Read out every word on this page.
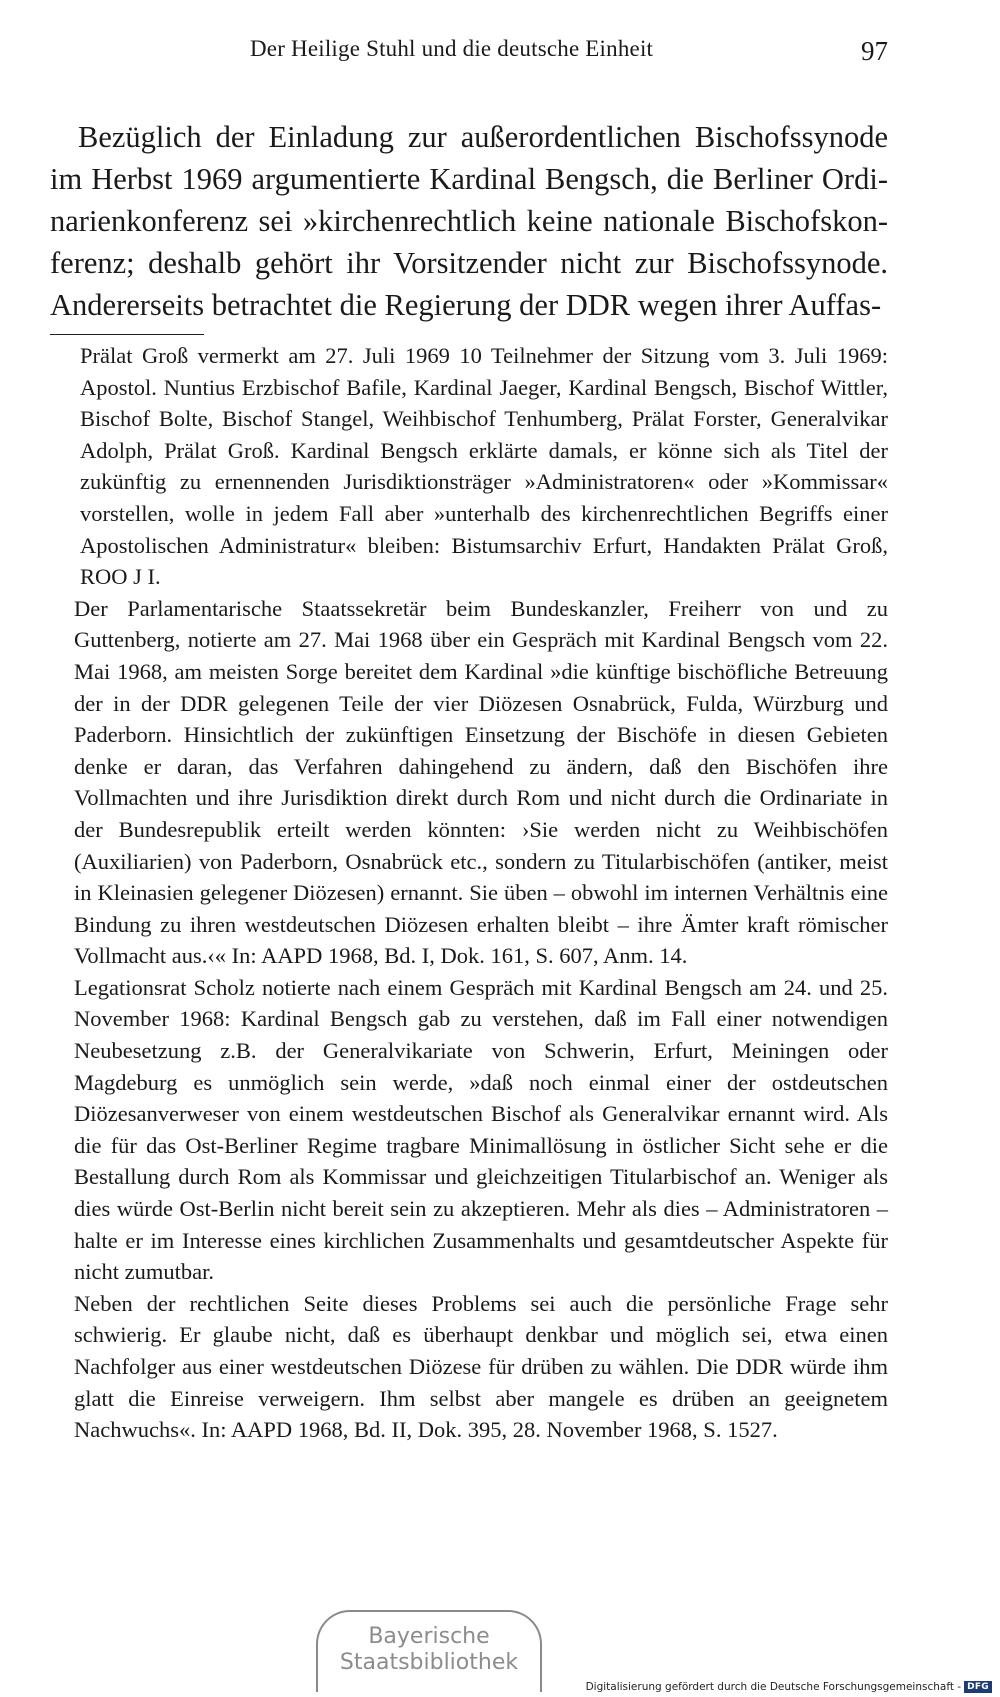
Der Heilige Stuhl und die deutsche Einheit	97

Bezüglich der Einladung zur außerordentlichen Bischofssynode im Herbst 1969 argumentierte Kardinal Bengsch, die Berliner Ordinarienkonferenz sei »kirchenrechtlich keine nationale Bischofskonferenz; deshalb gehört ihr Vorsitzender nicht zur Bischofssynode. Andererseits betrachtet die Regierung der DDR wegen ihrer Auffas-

Prälat Groß vermerkt am 27. Juli 1969 10 Teilnehmer der Sitzung vom 3. Juli 1969: Apostol. Nuntius Erzbischof Bafile, Kardinal Jaeger, Kardinal Bengsch, Bischof Wittler, Bischof Bolte, Bischof Stangel, Weihbischof Tenhumberg, Prälat Forster, Generalvikar Adolph, Prälat Groß. Kardinal Bengsch erklärte damals, er könne sich als Titel der zukünftig zu ernennenden Jurisdiktionsträger »Administratoren« oder »Kommissar« vorstellen, wolle in jedem Fall aber »unterhalb des kirchenrechtlichen Begriffs einer Apostolischen Administratur« bleiben: Bistumsarchiv Erfurt, Handakten Prälat Groß, ROO J I.

Der Parlamentarische Staatssekretär beim Bundeskanzler, Freiherr von und zu Guttenberg, notierte am 27. Mai 1968 über ein Gespräch mit Kardinal Bengsch vom 22. Mai 1968, am meisten Sorge bereitet dem Kardinal »die künftige bischöfliche Betreuung der in der DDR gelegenen Teile der vier Diözesen Osnabrück, Fulda, Würzburg und Paderborn. Hinsichtlich der zukünftigen Einsetzung der Bischöfe in diesen Gebieten denke er daran, das Verfahren dahingehend zu ändern, daß den Bischöfen ihre Vollmachten und ihre Jurisdiktion direkt durch Rom und nicht durch die Ordinariate in der Bundesrepublik erteilt werden könnten: ›Sie werden nicht zu Weihbischöfen (Auxiliarien) von Paderborn, Osnabrück etc., sondern zu Titularbischöfen (antiker, meist in Kleinasien gelegener Diözesen) ernannt. Sie üben – obwohl im internen Verhältnis eine Bindung zu ihren westdeutschen Diözesen erhalten bleibt – ihre Ämter kraft römischer Vollmacht aus.‹« In: AAPD 1968, Bd. I, Dok. 161, S. 607, Anm. 14.

Legationsrat Scholz notierte nach einem Gespräch mit Kardinal Bengsch am 24. und 25. November 1968: Kardinal Bengsch gab zu verstehen, daß im Fall einer notwendigen Neubesetzung z.B. der Generalvikariate von Schwerin, Erfurt, Meiningen oder Magdeburg es unmöglich sein werde, »daß noch einmal einer der ostdeutschen Diözesanverweser von einem westdeutschen Bischof als Generalvikar ernannt wird. Als die für das Ost-Berliner Regime tragbare Minimallösung in östlicher Sicht sehe er die Bestallung durch Rom als Kommissar und gleichzeitigen Titularbischof an. Weniger als dies würde Ost-Berlin nicht bereit sein zu akzeptieren. Mehr als dies – Administratoren – halte er im Interesse eines kirchlichen Zusammenhalts und gesamtdeutscher Aspekte für nicht zumutbar.

Neben der rechtlichen Seite dieses Problems sei auch die persönliche Frage sehr schwierig. Er glaube nicht, daß es überhaupt denkbar und möglich sei, etwa einen Nachfolger aus einer westdeutschen Diözese für drüben zu wählen. Die DDR würde ihm glatt die Einreise verweigern. Ihm selbst aber mangele es drüben an geeignetem Nachwuchs«. In: AAPD 1968, Bd. II, Dok. 395, 28. November 1968, S. 1527.

Bayerische
Staatsbibliothek
Digitalisierung gefördert durch die Deutsche Forschungsgemeinschaft - DFG
